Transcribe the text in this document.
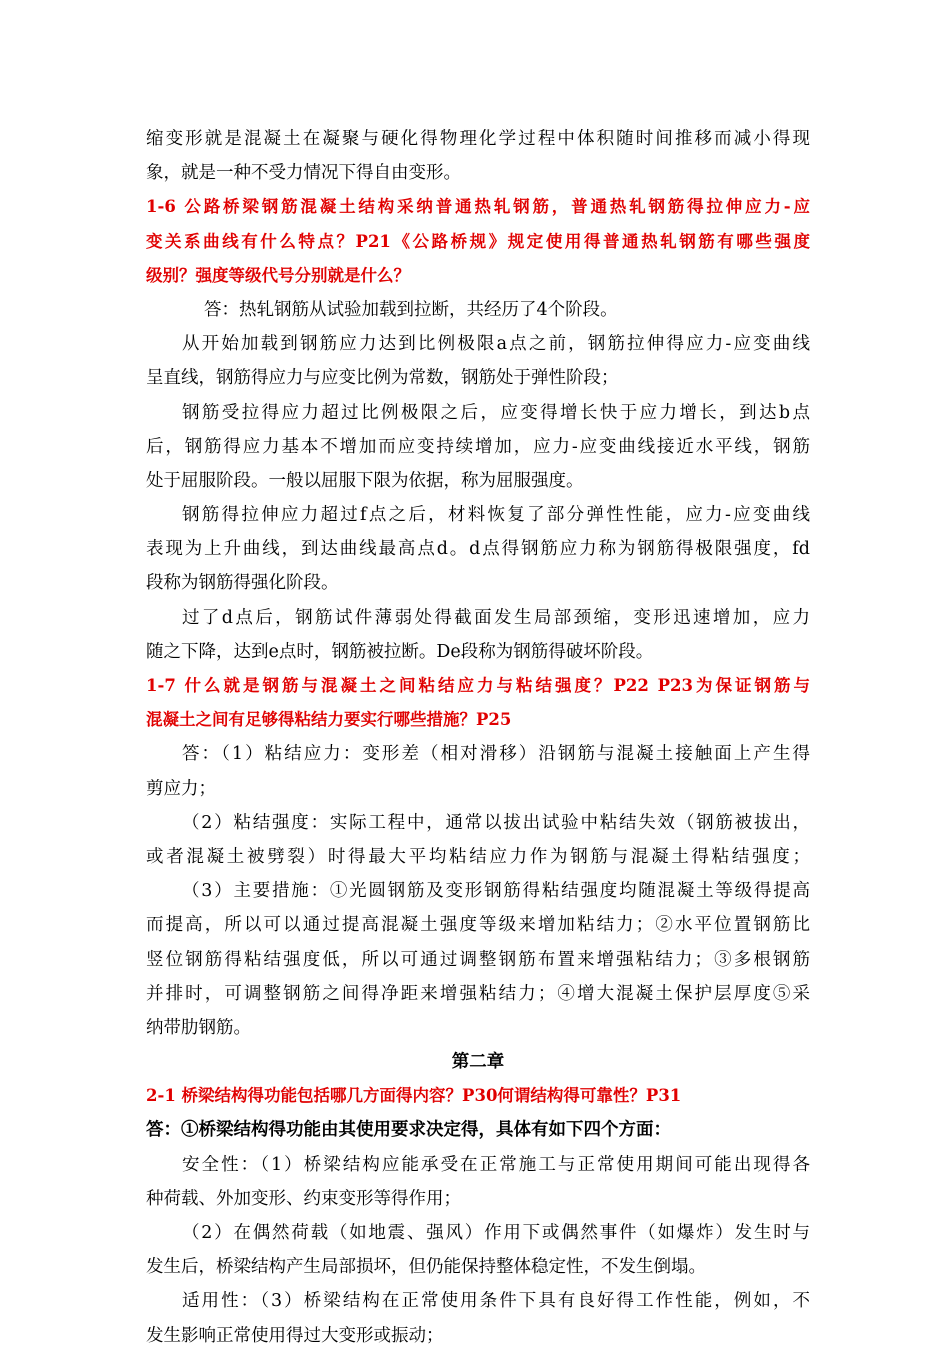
缩变形就是混凝土在凝聚与硬化得物理化学过程中体积随时间推移而减小得现
象，就是一种不受力情况下得自由变形。
1-6 公路桥梁钢筋混凝土结构采纳普通热轧钢筋，普通热轧钢筋得拉伸应力-应
变关系曲线有什么特点？P21《公路桥规》规定使用得普通热轧钢筋有哪些强度
级别？强度等级代号分别就是什么？
答：热轧钢筋从试验加载到拉断，共经历了4个阶段。
从开始加载到钢筋应力达到比例极限a点之前，钢筋拉伸得应力-应变曲线
呈直线，钢筋得应力与应变比例为常数，钢筋处于弹性阶段；
钢筋受拉得应力超过比例极限之后，应变得增长快于应力增长，到达b点
后，钢筋得应力基本不增加而应变持续增加，应力-应变曲线接近水平线，钢筋
处于屈服阶段。一般以屈服下限为依据，称为屈服强度。
钢筋得拉伸应力超过f点之后，材料恢复了部分弹性性能，应力-应变曲线
表现为上升曲线，到达曲线最高点d。d点得钢筋应力称为钢筋得极限强度，fd
段称为钢筋得强化阶段。
过了d点后，钢筋试件薄弱处得截面发生局部颈缩，变形迅速增加，应力
随之下降，达到e点时，钢筋被拉断。De段称为钢筋得破坏阶段。
1-7 什么就是钢筋与混凝土之间粘结应力与粘结强度？P22 P23为保证钢筋与
混凝土之间有足够得粘结力要实行哪些措施？P25
答：（1）粘结应力：变形差（相对滑移）沿钢筋与混凝土接触面上产生得
剪应力；
（2）粘结强度：实际工程中，通常以拔出试验中粘结失效（钢筋被拔出，
或者混凝土被劈裂）时得最大平均粘结应力作为钢筋与混凝土得粘结强度；
（3）主要措施：①光圆钢筋及变形钢筋得粘结强度均随混凝土等级得提高
而提高，所以可以通过提高混凝土强度等级来增加粘结力；②水平位置钢筋比
竖位钢筋得粘结强度低，所以可通过调整钢筋布置来增强粘结力；③多根钢筋
并排时，可调整钢筋之间得净距来增强粘结力；④增大混凝土保护层厚度⑤采
纳带肋钢筋。
第二章
2-1 桥梁结构得功能包括哪几方面得内容？P30何谓结构得可靠性？P31
答：①桥梁结构得功能由其使用要求决定得，具体有如下四个方面：
安全性：（1）桥梁结构应能承受在正常施工与正常使用期间可能出现得各
种荷载、外加变形、约束变形等得作用；
（2）在偶然荷载（如地震、强风）作用下或偶然事件（如爆炸）发生时与
发生后，桥梁结构产生局部损坏，但仍能保持整体稳定性，不发生倒塌。
适用性：（3）桥梁结构在正常使用条件下具有良好得工作性能，例如，不
发生影响正常使用得过大变形或振动；
